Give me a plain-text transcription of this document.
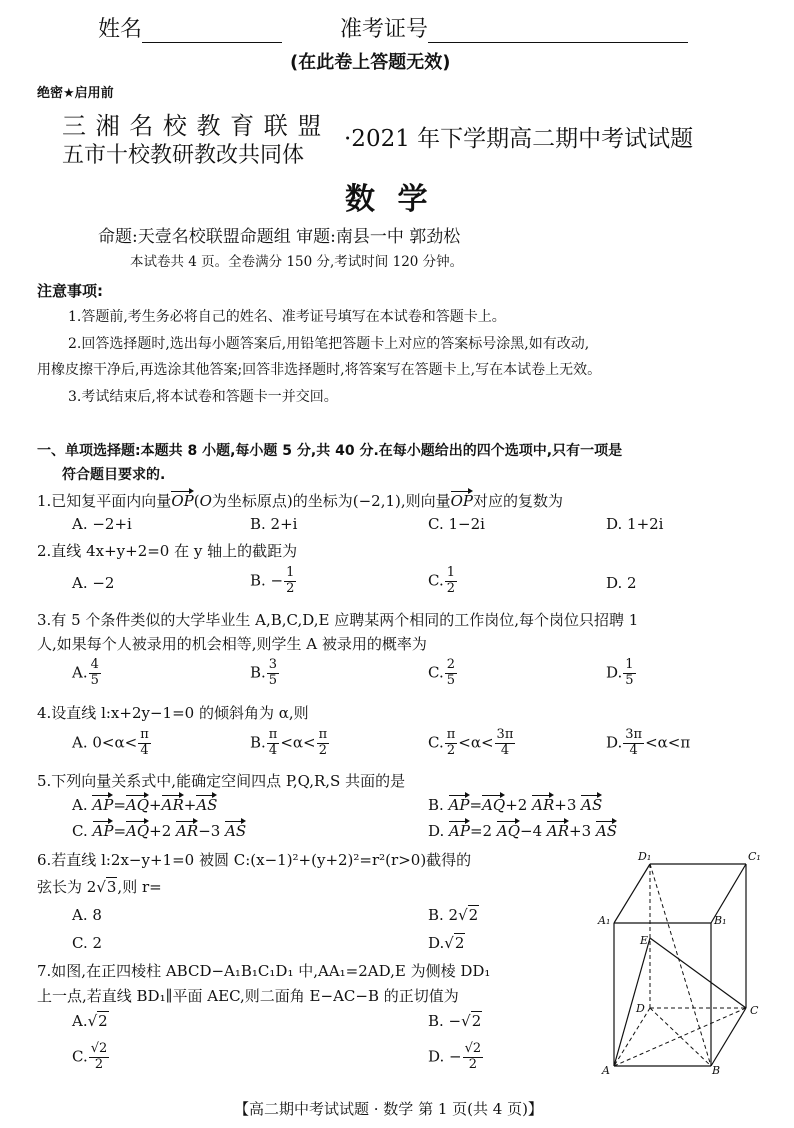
姓名	准考证号
(在此卷上答题无效)
绝密★启用前
三 湘 名 校 教 育 联 盟
五市十校教研教改共同体
·2021 年下学期高二期中考试试题
数 学
命题:天壹名校联盟命题组 审题:南县一中 郭劲松
本试卷共 4 页。全卷满分 150 分,考试时间 120 分钟。
注意事项:
1.答题前,考生务必将自己的姓名、准考证号填写在本试卷和答题卡上。
2.回答选择题时,选出每小题答案后,用铅笔把答题卡上对应的答案标号涂黑,如有改动,
用橡皮擦干净后,再选涂其他答案;回答非选择题时,将答案写在答题卡上,写在本试卷上无效。
3.考试结束后,将本试卷和答题卡一并交回。
一、单项选择题:本题共 8 小题,每小题 5 分,共 40 分.在每小题给出的四个选项中,只有一项是
符合题目要求的.
1.已知复平面内向量OP(O为坐标原点)的坐标为(−2,1),则向量OP对应的复数为
A. −2+i	B. 2+i	C. 1−2i	D. 1+2i
2.直线 4x+y+2=0 在 y 轴上的截距为
A. −2	B. − $\frac{1}{2}$	C. $\frac{1}{2}$	D. 2
3.有 5 个条件类似的大学毕业生 A,B,C,D,E 应聘某两个相同的工作岗位,每个岗位只招聘 1
人,如果每个人被录用的机会相等,则学生 A 被录用的概率为
A. $\frac{4}{5}$	B. $\frac{3}{5}$	C. $\frac{2}{5}$	D. $\frac{1}{5}$
4.设直线 l:x+2y−1=0 的倾斜角为 α,则
A. $0<\alpha< \frac{\pi}{4}$	B. $\frac{\pi}{4} <\alpha< \frac{\pi}{2}$	C. $\frac{\pi}{2} <\alpha< \frac{3\pi}{4}$	D. $\frac{3\pi}{4} <\alpha<\pi$
5.下列向量关系式中,能确定空间四点 P,Q,R,S 共面的是
A. AP=AQ+AR+AS	B. AP=AQ+2 AR+3 AS
C. AP=AQ+2 AR−3 AS	D. AP=2 AQ−4 AR+3 AS
6.若直线 l:2x−y+1=0 被圆 C:(x−1)²+(y+2)²=r²(r>0)截得的
弦长为 2√3,则 r=
A. 8	B. 2√2
C. 2	D.√2
7.如图,在正四棱柱 ABCD−A₁B₁C₁D₁ 中,AA₁=2AD,E 为侧棱 DD₁
上一点,若直线 BD₁∥平面 AEC,则二面角 E−AC−B 的正切值为
A.√2	B. −√2
C. $\frac{√2}{2}$	D. − $\frac{√2}{2}$
D₁	C₁
A₁	B₁
E
D	C
A	B
【高二期中考试试题 · 数学 第 1 页(共 4 页)】
